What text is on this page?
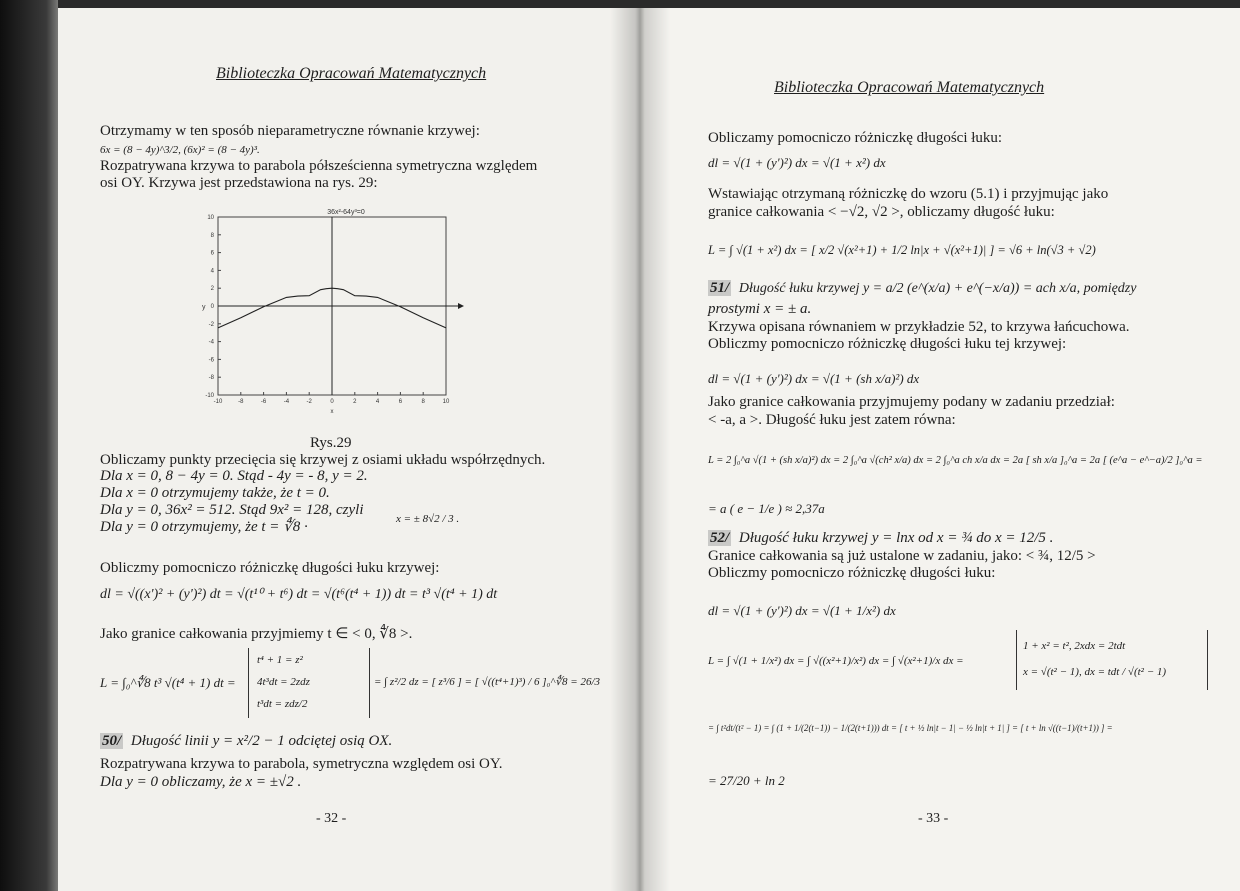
Biblioteczka Opracowań Matematycznych
Otrzymamy w ten sposób nieparametryczne równanie krzywej:
6x = (8 − 4y)^3/2, (6x)² = (8 − 4y)³.
Rozpatrywana krzywa to parabola półsześcienna symetryczna względem
osi OY. Krzywa jest przedstawiona na rys. 29:
36x²-64y³=0
-10	-8	-6	-4	-2	0	2	4	6	8	10
10
8
6
4
2
0
-2
-4
-6
-8
-10
y
x
Rys.29
Obliczamy punkty przecięcia się krzywej z osiami układu współrzędnych.
Dla x = 0, 8 − 4y = 0. Stąd - 4y = - 8, y = 2.
Dla x = 0 otrzymujemy także, że t = 0.
Dla y = 0, 36x² = 512. Stąd 9x² = 128, czyli
x = ± 8√2 / 3 .
Dla y = 0 otrzymujemy, że t = ∜8 ·
Obliczmy pomocniczo różniczkę długości łuku krzywej:
dl = √((x')² + (y')²) dt = √(t¹⁰ + t⁶) dt = √(t⁶(t⁴ + 1)) dt = t³ √(t⁴ + 1) dt
Jako granice całkowania przyjmiemy t ∈ < 0, ∜8 >.
L = ∫₀^∜8 t³ √(t⁴ + 1) dt =
t⁴ + 1 = z²
4t³dt = 2zdz
t³dt = zdz/2
= ∫ z²/2 dz = [ z³/6 ] = [ √((t⁴+1)³) / 6 ]₀^∜8 = 26/3
50/ Długość linii y = x²/2 − 1 odciętej osią OX.
Rozpatrywana krzywa to parabola, symetryczna względem osi OY.
Dla y = 0 obliczamy, że x = ±√2 .
- 32 -
Biblioteczka Opracowań Matematycznych
Obliczamy pomocniczo różniczkę długości łuku:
dl = √(1 + (y')²) dx = √(1 + x²) dx
Wstawiając otrzymaną różniczkę do wzoru (5.1) i przyjmując jako
granice całkowania < −√2, √2 >, obliczamy długość łuku:
L = ∫ √(1 + x²) dx = [ x/2 √(x²+1) + 1/2 ln|x + √(x²+1)| ] = √6 + ln(√3 + √2)
51/ Długość łuku krzywej y = a/2 (e^(x/a) + e^(−x/a)) = ach x/a, pomiędzy
prostymi x = ± a.
Krzywa opisana równaniem w przykładzie 52, to krzywa łańcuchowa.
Obliczmy pomocniczo różniczkę długości łuku tej krzywej:
dl = √(1 + (y')²) dx = √(1 + (sh x/a)²) dx
Jako granice całkowania przyjmujemy podany w zadaniu przedział:
< -a, a >. Długość łuku jest zatem równa:
L = 2 ∫₀^a √(1 + (sh x/a)²) dx = 2 ∫₀^a √(ch² x/a) dx = 2 ∫₀^a ch x/a dx = 2a [ sh x/a ]₀^a = 2a [ (e^a − e^−a)/2 ]₀^a =
= a ( e − 1/e ) ≈ 2,37a
52/ Długość łuku krzywej y = lnx od x = ¾ do x = 12/5 .
Granice całkowania są już ustalone w zadaniu, jako: < ¾, 12/5 >
Obliczmy pomocniczo różniczkę długości łuku:
dl = √(1 + (y')²) dx = √(1 + 1/x²) dx
L = ∫ √(1 + 1/x²) dx = ∫ √((x²+1)/x²) dx = ∫ √(x²+1)/x dx =
1 + x² = t², 2xdx = 2tdt
x = √(t² − 1), dx = tdt / √(t² − 1)
= ∫ t²dt/(t² − 1) = ∫ (1 + 1/(2(t−1)) − 1/(2(t+1))) dt = [ t + ½ ln|t − 1| − ½ ln|t + 1| ] = [ t + ln √((t−1)/(t+1)) ] =
= 27/20 + ln 2
- 33 -
